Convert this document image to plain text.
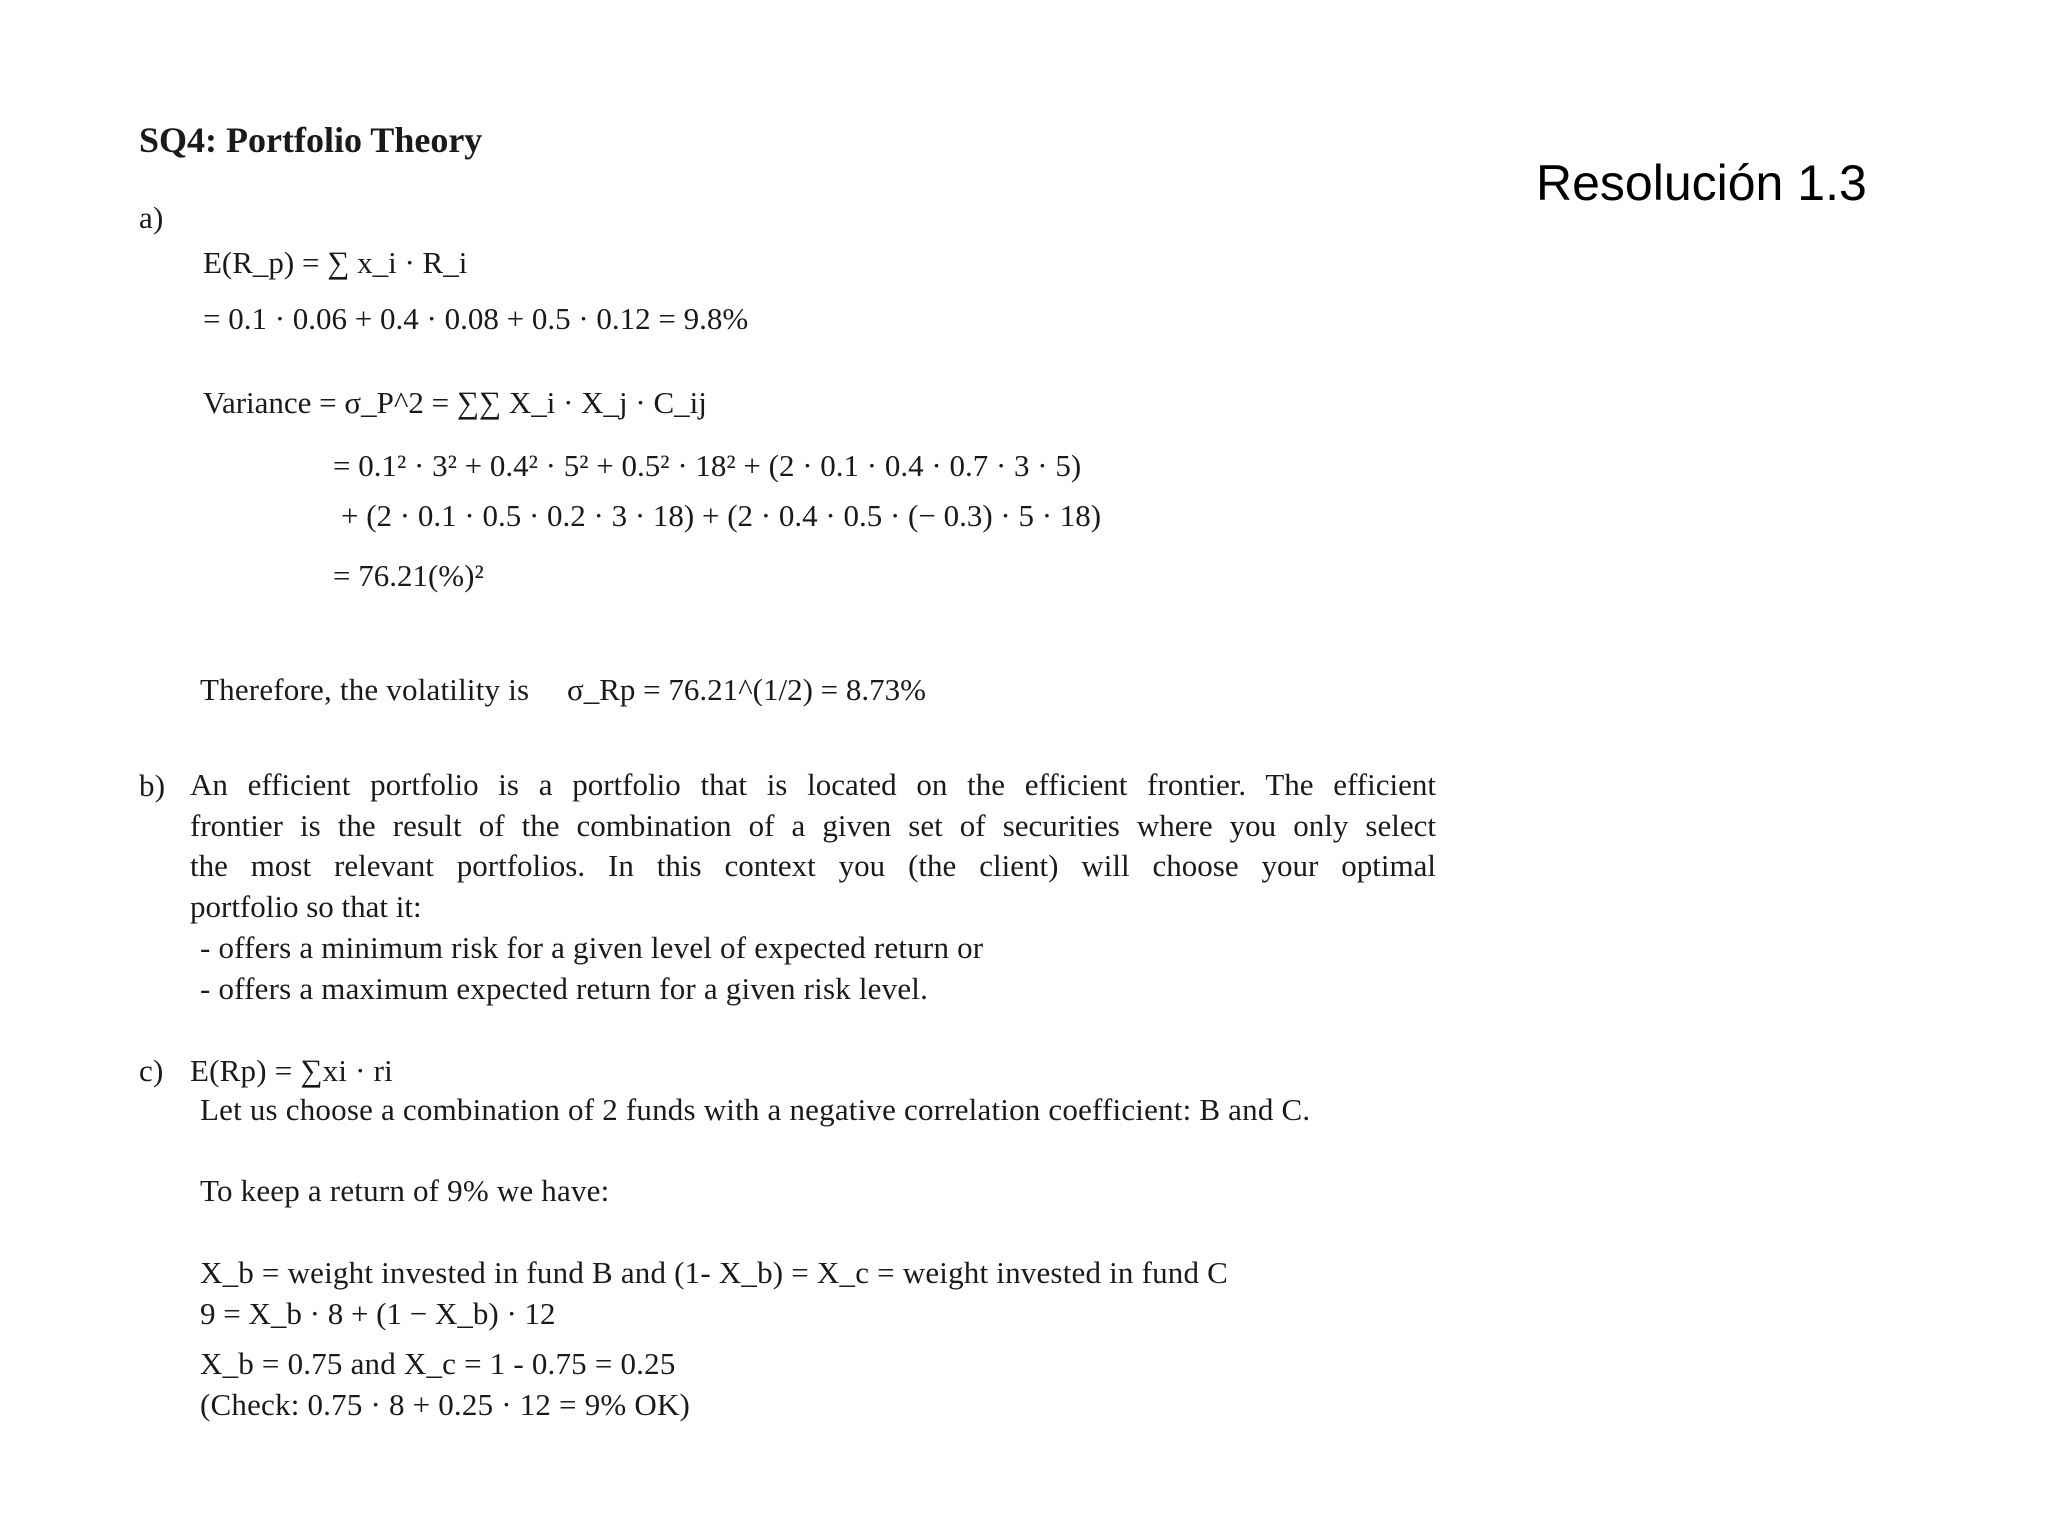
Resolución 1.3
SQ4: Portfolio Theory
a)
E(R_p) = ∑ x_i · R_i
= 0.1 · 0.06 + 0.4 · 0.08 + 0.5 · 0.12 = 9.8%
Variance = σ_P^2 = ∑∑ X_i · X_j · C_ij
= 0.1² · 3² + 0.4² · 5² + 0.5² · 18² + (2 · 0.1 · 0.4 · 0.7 · 3 · 5)
+ (2 · 0.1 · 0.5 · 0.2 · 3 · 18) + (2 · 0.4 · 0.5 · (− 0.3) · 5 · 18)
= 76.21(%)²
Therefore, the volatility is σ_Rp = 76.21^(1/2) = 8.73%
b) An efficient portfolio is a portfolio that is located on the efficient frontier. The efficient
frontier is the result of the combination of a given set of securities where you only select
the most relevant portfolios. In this context you (the client) will choose your optimal
portfolio so that it:
- offers a minimum risk for a given level of expected return or
- offers a maximum expected return for a given risk level.
c) E(Rp) = ∑xi · ri
Let us choose a combination of 2 funds with a negative correlation coefficient: B and C.
To keep a return of 9% we have:
X_b = weight invested in fund B and (1- X_b) = X_c = weight invested in fund C
9 = X_b · 8 + (1 − X_b) · 12
X_b = 0.75 and X_c = 1 - 0.75 = 0.25
(Check: 0.75 · 8 + 0.25 · 12 = 9% OK)
